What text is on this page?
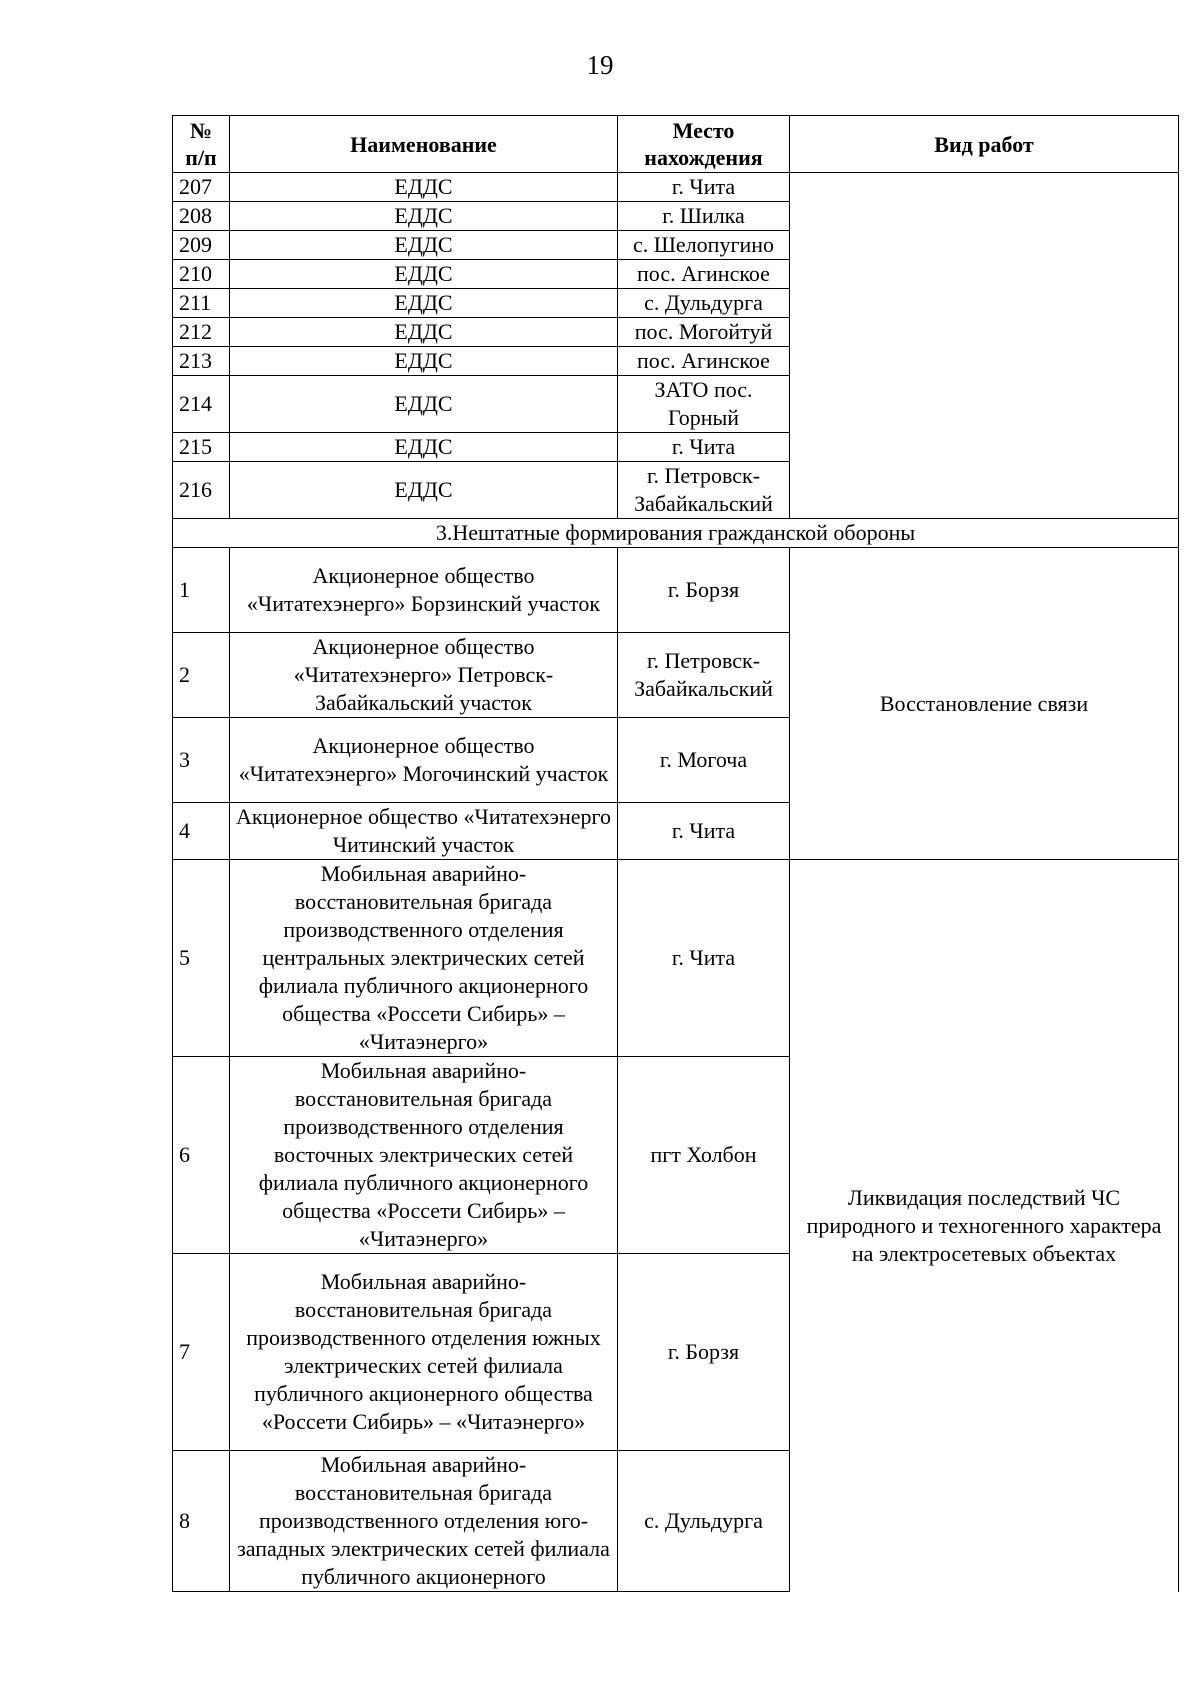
19
№ п/п	Наименование	Место нахождения	Вид работ
207	ЕДДС	г. Чита	
208	ЕДДС	г. Шилка	
209	ЕДДС	с. Шелопугино	
210	ЕДДС	пос. Агинское	
211	ЕДДС	с. Дульдурга	
212	ЕДДС	пос. Могойтуй	
213	ЕДДС	пос. Агинское	
214	ЕДДС	ЗАТО пос. Горный	
215	ЕДДС	г. Чита	
216	ЕДДС	г. Петровск-Забайкальский	
3.Нештатные формирования гражданской обороны			
1	Акционерное общество «Читатехэнерго» Борзинский участок	г. Борзя	Восстановление связи
2	Акционерное общество «Читатехэнерго» Петровск-Забайкальский участок	г. Петровск-Забайкальский	
3	Акционерное общество «Читатехэнерго» Могочинский участок	г. Могоча	
4	Акционерное общество «Читатехэнерго Читинский участок	г. Чита	
5	Мобильная аварийно-восстановительная бригада производственного отделения центральных электрических сетей филиала публичного акционерного общества «Россети Сибирь» – «Читаэнерго»	г. Чита	Ликвидация последствий ЧС природного и техногенного характера на электросетевых объектах
6	Мобильная аварийно-восстановительная бригада производственного отделения восточных электрических сетей филиала публичного акционерного общества «Россети Сибирь» – «Читаэнерго»	пгт Холбон	
7	Мобильная аварийно-восстановительная бригада производственного отделения южных электрических сетей филиала публичного акционерного общества «Россети Сибирь» – «Читаэнерго»	г. Борзя	
8	Мобильная аварийно-восстановительная бригада производственного отделения юго-западных электрических сетей филиала публичного акционерного	с. Дульдурга	
